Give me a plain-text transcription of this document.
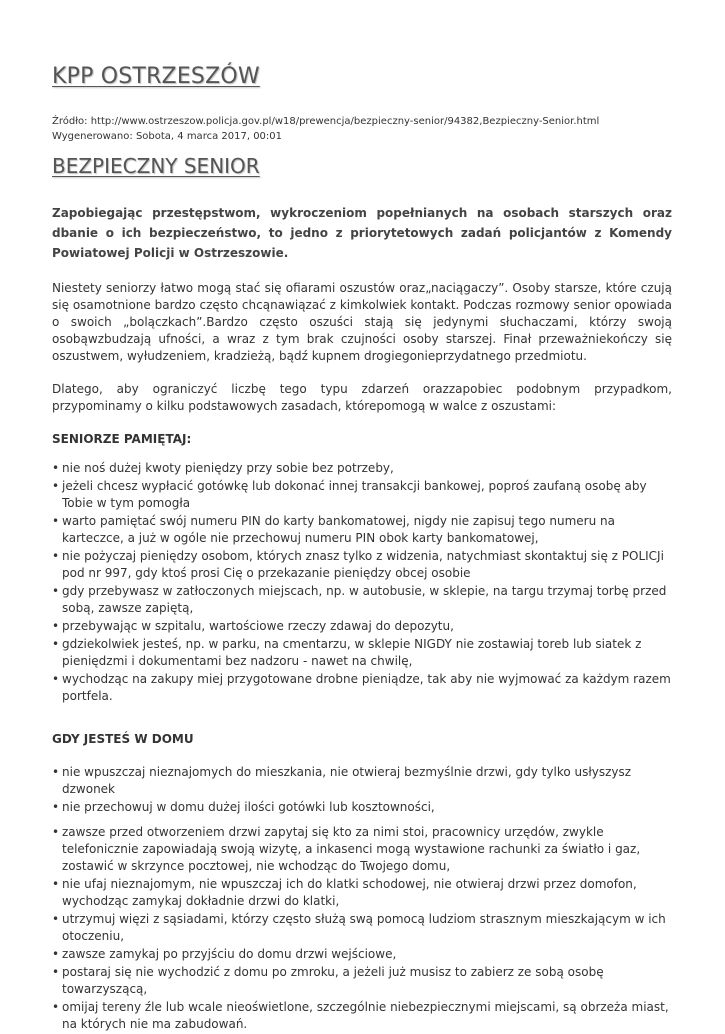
KPP OSTRZESZÓW
Źródło: http://www.ostrzeszow.policja.gov.pl/w18/prewencja/bezpieczny-senior/94382,Bezpieczny-Senior.html
Wygenerowano: Sobota, 4 marca 2017, 00:01
BEZPIECZNY SENIOR

Zapobiegając przestępstwom, wykroczeniom popełnianych na osobach starszych oraz dbanie o ich bezpieczeństwo, to jedno z priorytetowych zadań policjantów z Komendy Powiatowej Policji w Ostrzeszowie.

Niestety seniorzy łatwo mogą stać się ofiarami oszustów oraz„naciągaczy”. Osoby starsze, które czują się osamotnione bardzo często chcąnawiązać z kimkolwiek kontakt. Podczas rozmowy senior opowiada o swoich „bolączkach”.Bardzo często oszuści stają się jedynymi słuchaczami, którzy swoją osobąwzbudzają ufności, a wraz z tym brak czujności osoby starszej. Finał przeważniekończy się oszustwem, wyłudzeniem, kradzieżą, bądź kupnem drogiegonieprzydatnego przedmiotu.

Dlatego, aby ograniczyć liczbę tego typu zdarzeń orazzapobiec podobnym przypadkom, przypominamy o kilku podstawowych zasadach, którepomogą w walce z oszustami:

SENIORZE PAMIĘTAJ:
• nie noś dużej kwoty pieniędzy przy sobie bez potrzeby,
• jeżeli chcesz wypłacić gotówkę lub dokonać innej transakcji bankowej, poproś zaufaną osobę aby Tobie w tym pomogła
• warto pamiętać swój numeru PIN do karty bankomatowej, nigdy nie zapisuj tego numeru na karteczce, a już w ogóle nie przechowuj numeru PIN obok karty bankomatowej,
• nie pożyczaj pieniędzy osobom, których znasz tylko z widzenia, natychmiast skontaktuj się z POLICJi pod nr 997, gdy ktoś prosi Cię o przekazanie pieniędzy obcej osobie
• gdy przebywasz w zatłoczonych miejscach, np. w autobusie, w sklepie, na targu trzymaj torbę przed sobą, zawsze zapiętą,
• przebywając w szpitalu, wartościowe rzeczy zdawaj do depozytu,
• gdziekolwiek jesteś, np. w parku, na cmentarzu, w sklepie NIGDY nie zostawiaj toreb lub siatek z pieniędzmi i dokumentami bez nadzoru - nawet na chwilę,
• wychodząc na zakupy miej przygotowane drobne pieniądze, tak aby nie wyjmować za każdym razem portfela.
GDY JESTEŚ W DOMU
• nie wpuszczaj nieznajomych do mieszkania, nie otwieraj bezmyślnie drzwi, gdy tylko usłyszysz dzwonek
• nie przechowuj w domu dużej ilości gotówki lub kosztowności,
• zawsze przed otworzeniem drzwi zapytaj się kto za nimi stoi, pracownicy urzędów, zwykle telefonicznie zapowiadają swoją wizytę, a inkasenci mogą wystawione rachunki za światło i gaz, zostawić w skrzynce pocztowej, nie wchodząc do Twojego domu,
• nie ufaj nieznajomym, nie wpuszczaj ich do klatki schodowej, nie otwieraj drzwi przez domofon, wychodząc zamykaj dokładnie drzwi do klatki,
• utrzymuj więzi z sąsiadami, którzy często służą swą pomocą ludziom strasznym mieszkającym w ich otoczeniu,
• zawsze zamykaj po przyjściu do domu drzwi wejściowe,
• postaraj się nie wychodzić z domu po zmroku, a jeżeli już musisz to zabierz ze sobą osobę towarzyszącą,
• omijaj tereny źle lub wcale nieoświetlone, szczególnie niebezpiecznymi miejscami, są obrzeża miast, na których nie ma zabudowań.
